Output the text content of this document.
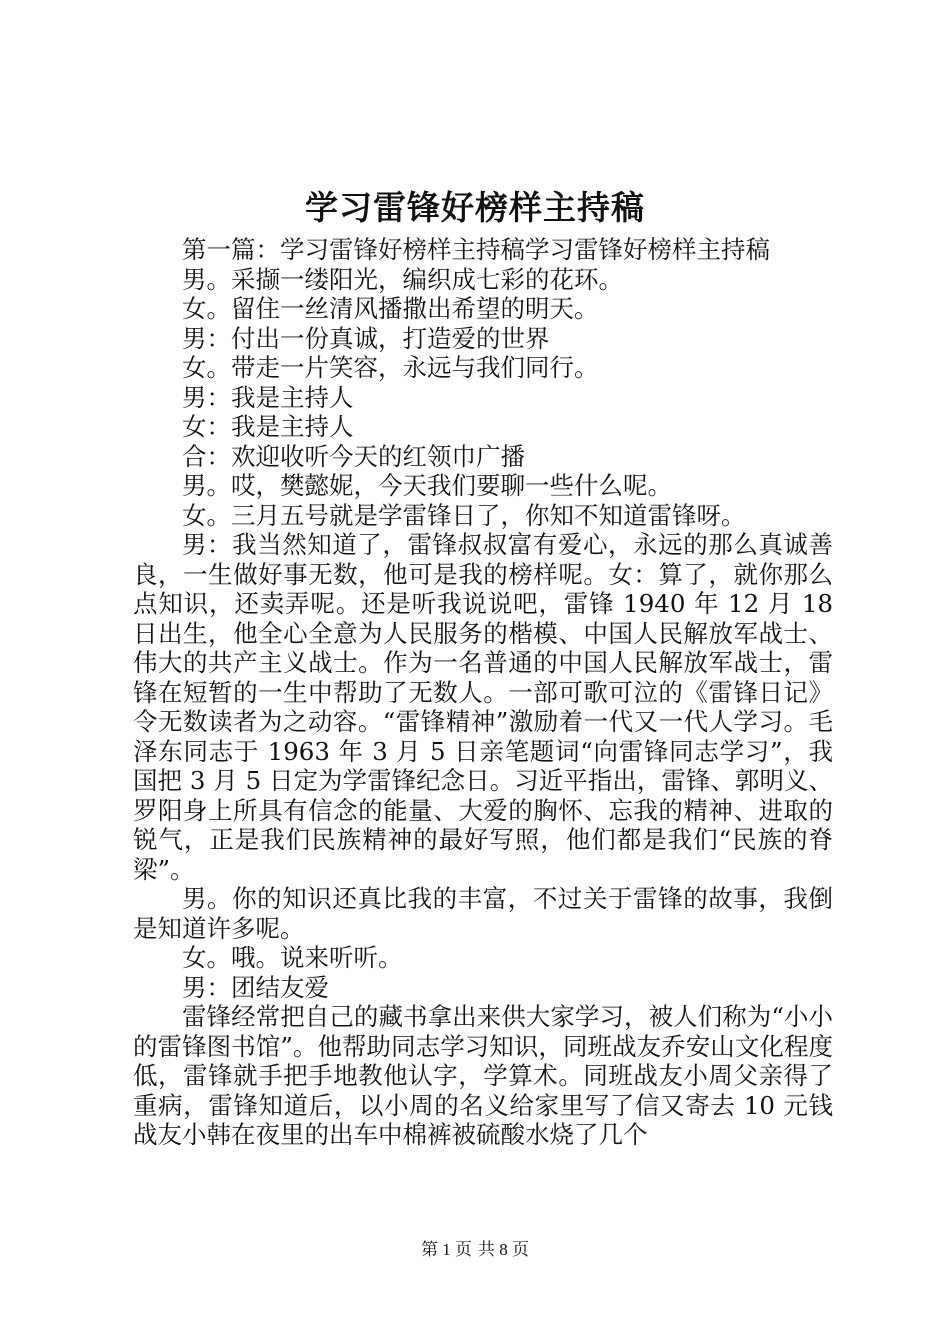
学习雷锋好榜样主持稿

第一篇：学习雷锋好榜样主持稿学习雷锋好榜样主持稿

男。采撷一缕阳光，编织成七彩的花环。

女。留住一丝清风播撒出希望的明天。

男：付出一份真诚，打造爱的世界

女。带走一片笑容，永远与我们同行。

男：我是主持人

女：我是主持人

合：欢迎收听今天的红领巾广播

男。哎，樊懿妮，今天我们要聊一些什么呢。

女。三月五号就是学雷锋日了，你知不知道雷锋呀。

男：我当然知道了，雷锋叔叔富有爱心，永远的那么真诚善良，一生做好事无数，他可是我的榜样呢。女：算了，就你那么点知识，还卖弄呢。还是听我说说吧，雷锋 1940 年 12 月 18 日出生，他全心全意为人民服务的楷模、中国人民解放军战士、伟大的共产主义战士。作为一名普通的中国人民解放军战士，雷锋在短暂的一生中帮助了无数人。一部可歌可泣的《雷锋日记》令无数读者为之动容。“雷锋精神”激励着一代又一代人学习。毛泽东同志于 1963 年 3 月 5 日亲笔题词“向雷锋同志学习”，我国把 3 月 5 日定为学雷锋纪念日。习近平指出，雷锋、郭明义、罗阳身上所具有信念的能量、大爱的胸怀、忘我的精神、进取的锐气，正是我们民族精神的最好写照，他们都是我们“民族的脊梁”。

男。你的知识还真比我的丰富，不过关于雷锋的故事，我倒是知道许多呢。

女。哦。说来听听。

男：团结友爱

雷锋经常把自己的藏书拿出来供大家学习，被人们称为“小小的雷锋图书馆”。他帮助同志学习知识，同班战友乔安山文化程度低，雷锋就手把手地教他认字，学算术。同班战友小周父亲得了重病，雷锋知道后，以小周的名义给家里写了信又寄去 10 元钱战友小韩在夜里的出车中棉裤被硫酸水烧了几个

第 1 页 共 8 页
